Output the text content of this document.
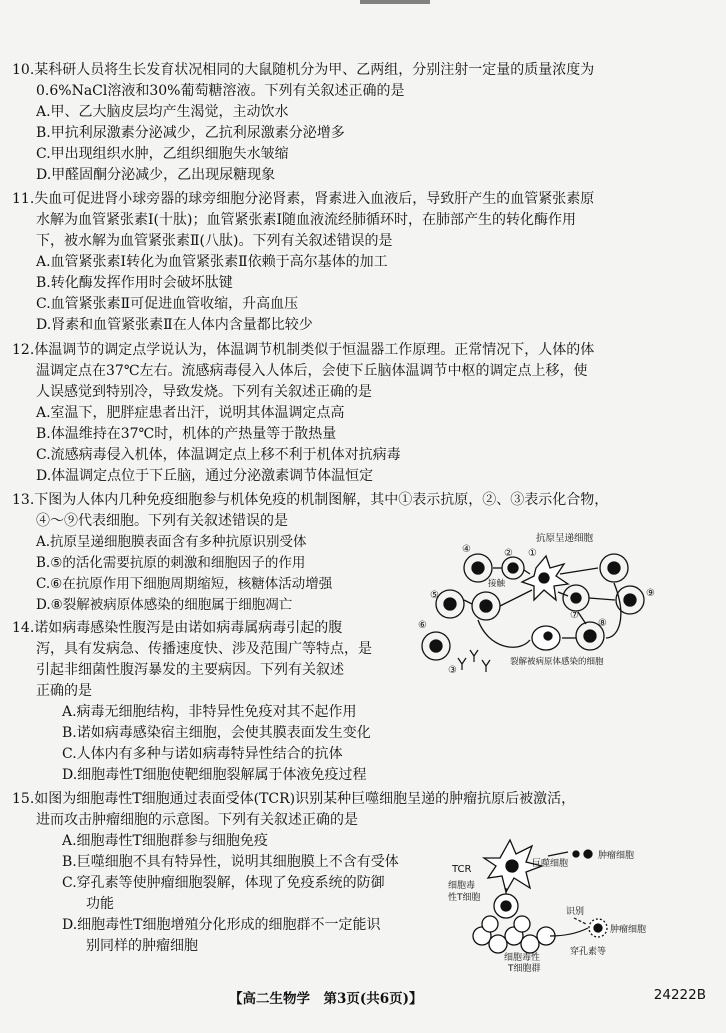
10.某科研人员将生长发育状况相同的大鼠随机分为甲、乙两组，分别注射一定量的质量浓度为
0.6%NaCl溶液和30%葡萄糖溶液。下列有关叙述正确的是
A.甲、乙大脑皮层均产生渴觉，主动饮水
B.甲抗利尿激素分泌减少，乙抗利尿激素分泌增多
C.甲出现组织水肿，乙组织细胞失水皱缩
D.甲醛固酮分泌减少，乙出现尿糖现象
11.失血可促进肾小球旁器的球旁细胞分泌肾素，肾素进入血液后，导致肝产生的血管紧张素原
水解为血管紧张素Ⅰ(十肽)；血管紧张素Ⅰ随血液流经肺循环时，在肺部产生的转化酶作用
下，被水解为血管紧张素Ⅱ(八肽)。下列有关叙述错误的是
A.血管紧张素Ⅰ转化为血管紧张素Ⅱ依赖于高尔基体的加工
B.转化酶发挥作用时会破坏肽键
C.血管紧张素Ⅱ可促进血管收缩，升高血压
D.肾素和血管紧张素Ⅱ在人体内含量都比较少
12.体温调节的调定点学说认为，体温调节机制类似于恒温器工作原理。正常情况下，人体的体
温调定点在37℃左右。流感病毒侵入人体后，会使下丘脑体温调节中枢的调定点上移，使
人误感觉到特别冷，导致发烧。下列有关叙述正确的是
A.室温下，肥胖症患者出汗，说明其体温调定点高
B.体温维持在37℃时，机体的产热量等于散热量
C.流感病毒侵入机体，体温调定点上移不利于机体对抗病毒
D.体温调定点位于下丘脑，通过分泌激素调节体温恒定
13.下图为人体内几种免疫细胞参与机体免疫的机制图解，其中①表示抗原，②、③表示化合物，
④～⑨代表细胞。下列有关叙述错误的是
A.抗原呈递细胞膜表面含有多种抗原识别受体
B.⑤的活化需要抗原的刺激和细胞因子的作用
C.⑥在抗原作用下细胞周期缩短，核糖体活动增强
D.⑧裂解被病原体感染的细胞属于细胞凋亡
抗原呈递细胞
接触
裂解被病原体感染的细胞
④	② ①
⑤
⑥
⑦
⑧
⑨
③
14.诺如病毒感染性腹泻是由诺如病毒属病毒引起的腹
泻，具有发病急、传播速度快、涉及范围广等特点，是
引起非细菌性腹泻暴发的主要病因。下列有关叙述
正确的是
A.病毒无细胞结构，非特异性免疫对其不起作用
B.诺如病毒感染宿主细胞，会使其膜表面发生变化
C.人体内有多种与诺如病毒特异性结合的抗体
D.细胞毒性T细胞使靶细胞裂解属于体液免疫过程
15.如图为细胞毒性T细胞通过表面受体(TCR)识别某种巨噬细胞呈递的肿瘤抗原后被激活，
进而攻击肿瘤细胞的示意图。下列有关叙述正确的是
A.细胞毒性T细胞群参与细胞免疫
B.巨噬细胞不具有特异性，说明其细胞膜上不含有受体
C.穿孔素等使肿瘤细胞裂解，体现了免疫系统的防御
功能
D.细胞毒性T细胞增殖分化形成的细胞群不一定能识
别同样的肿瘤细胞
TCR	巨噬细胞
肿瘤细胞
细胞毒
性T细胞
识别
肿瘤细胞
细胞毒性
T细胞群
穿孔素等
【高二生物学　第3页(共6页)】	24222B
